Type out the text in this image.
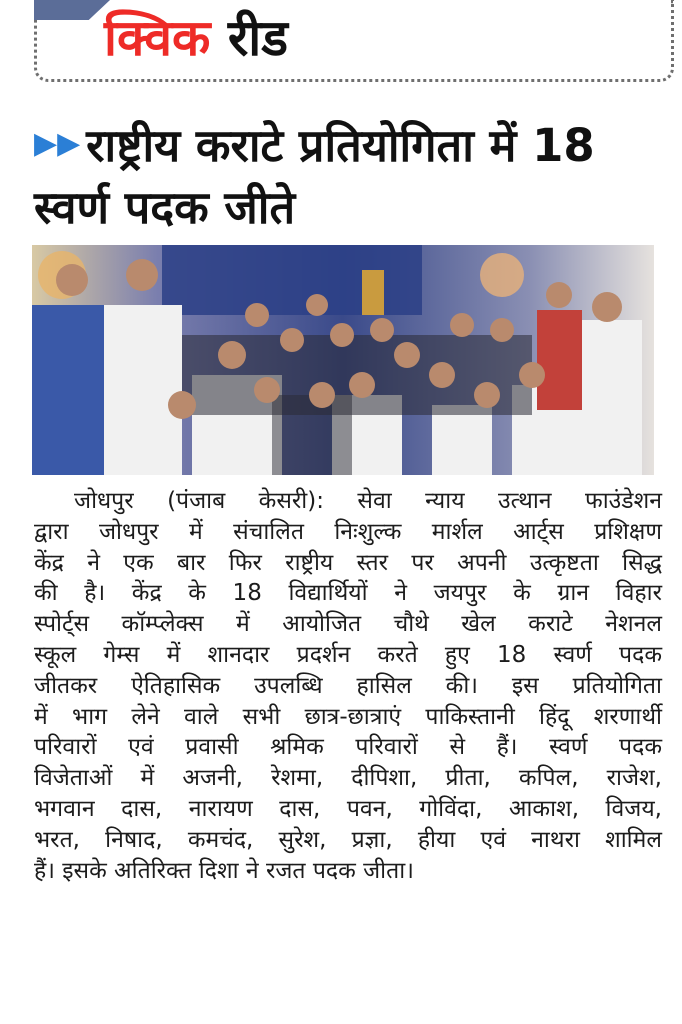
क्विक रीड
▶▶ राष्ट्रीय कराटे प्रतियोगिता में 18
स्वर्ण पदक जीते
जोधपुर (पंजाब केसरी): सेवा न्याय उत्थान फाउंडेशन
द्वारा जोधपुर में संचालित निःशुल्क मार्शल आर्ट्स प्रशिक्षण
केंद्र ने एक बार फिर राष्ट्रीय स्तर पर अपनी उत्कृष्टता सिद्ध
की है। केंद्र के 18 विद्यार्थियों ने जयपुर के ग्रान विहार
स्पोर्ट्स कॉम्प्लेक्स में आयोजित चौथे खेल कराटे नेशनल
स्कूल गेम्स में शानदार प्रदर्शन करते हुए 18 स्वर्ण पदक
जीतकर ऐतिहासिक उपलब्धि हासिल की। इस प्रतियोगिता
में भाग लेने वाले सभी छात्र-छात्राएं पाकिस्तानी हिंदू शरणार्थी
परिवारों एवं प्रवासी श्रमिक परिवारों से हैं। स्वर्ण पदक
विजेताओं में अजनी, रेशमा, दीपिशा, प्रीता, कपिल, राजेश,
भगवान दास, नारायण दास, पवन, गोविंदा, आकाश, विजय,
भरत, निषाद, कमचंद, सुरेश, प्रज्ञा, हीया एवं नाथरा शामिल
हैं। इसके अतिरिक्त दिशा ने रजत पदक जीता।
